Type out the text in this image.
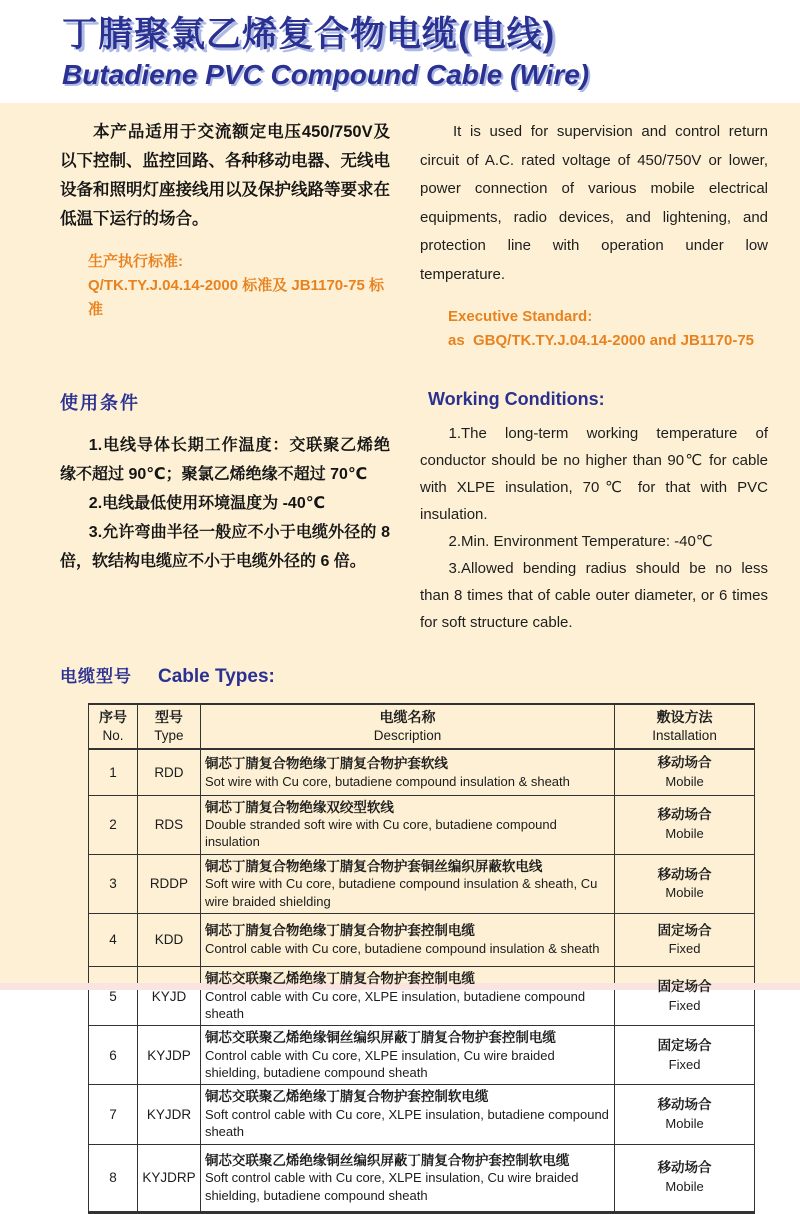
丁腈聚氯乙烯复合物电缆(电线)
Butadiene PVC Compound Cable (Wire)

本产品适用于交流额定电压450/750V及以下控制、监控回路、各种移动电器、无线电设备和照明灯座接线用以及保护线路等要求在低温下运行的场合。

生产执行标准:

Q/TK.TY.J.04.14-2000 标准及 JB1170-75 标准

It is used for supervision and control return circuit of A.C. rated voltage of 450/750V or lower, power connection of various mobile electrical equipments, radio devices, and lightening, and protection line with operation under low temperature.

Executive Standard:

as  GBQ/TK.TY.J.04.14-2000 and JB1170-75

使用条件

1.电线导体长期工作温度：交联聚乙烯绝缘不超过 90℃；聚氯乙烯绝缘不超过 70℃

2.电线最低使用环境温度为 -40℃

3.允许弯曲半径一般应不小于电缆外径的 8 倍，软结构电缆应不小于电缆外径的 6 倍。

Working Conditions:

1.The long-term working temperature of conductor should be no higher than 90℃ for cable with XLPE insulation, 70℃ for that with PVC insulation.

2.Min. Environment Temperature: -40℃

3.Allowed bending radius should be no less than 8 times that of cable outer diameter, or 6 times for soft structure cable.

电缆型号 Cable Types:
序号
No.

型号
Type

电缆名称
Description

敷设方法
Installation

1	RDD	
铜芯丁腈复合物绝缘丁腈复合物护套软线
Sot wire with Cu core, butadiene compound insulation & sheath

移动场合
Mobile

2	RDS	
铜芯丁腈复合物绝缘双绞型软线
Double stranded soft wire with Cu core, butadiene compound insulation

移动场合
Mobile

3	RDDP	
铜芯丁腈复合物绝缘丁腈复合物护套铜丝编织屏蔽软电线
Soft wire with Cu core, butadiene compound insulation & sheath, Cu wire braided shielding

移动场合
Mobile

4	KDD	
铜芯丁腈复合物绝缘丁腈复合物护套控制电缆
Control cable with Cu core, butadiene compound insulation & sheath

固定场合
Fixed

5	KYJD	
铜芯交联聚乙烯绝缘丁腈复合物护套控制电缆
Control cable with Cu core, XLPE insulation, butadiene compound sheath

固定场合
Fixed

6	KYJDP	
铜芯交联聚乙烯绝缘铜丝编织屏蔽丁腈复合物护套控制电缆
Control cable with Cu core, XLPE insulation, Cu wire braided shielding, butadiene compound sheath

固定场合
Fixed

7	KYJDR	
铜芯交联聚乙烯绝缘丁腈复合物护套控制软电缆
Soft control cable with Cu core, XLPE insulation, butadiene compound sheath

移动场合
Mobile

8	KYJDRP	
铜芯交联聚乙烯绝缘铜丝编织屏蔽丁腈复合物护套控制软电缆
Soft control cable with Cu core, XLPE insulation, Cu wire braided shielding, butadiene compound sheath

移动场合
Mobile
